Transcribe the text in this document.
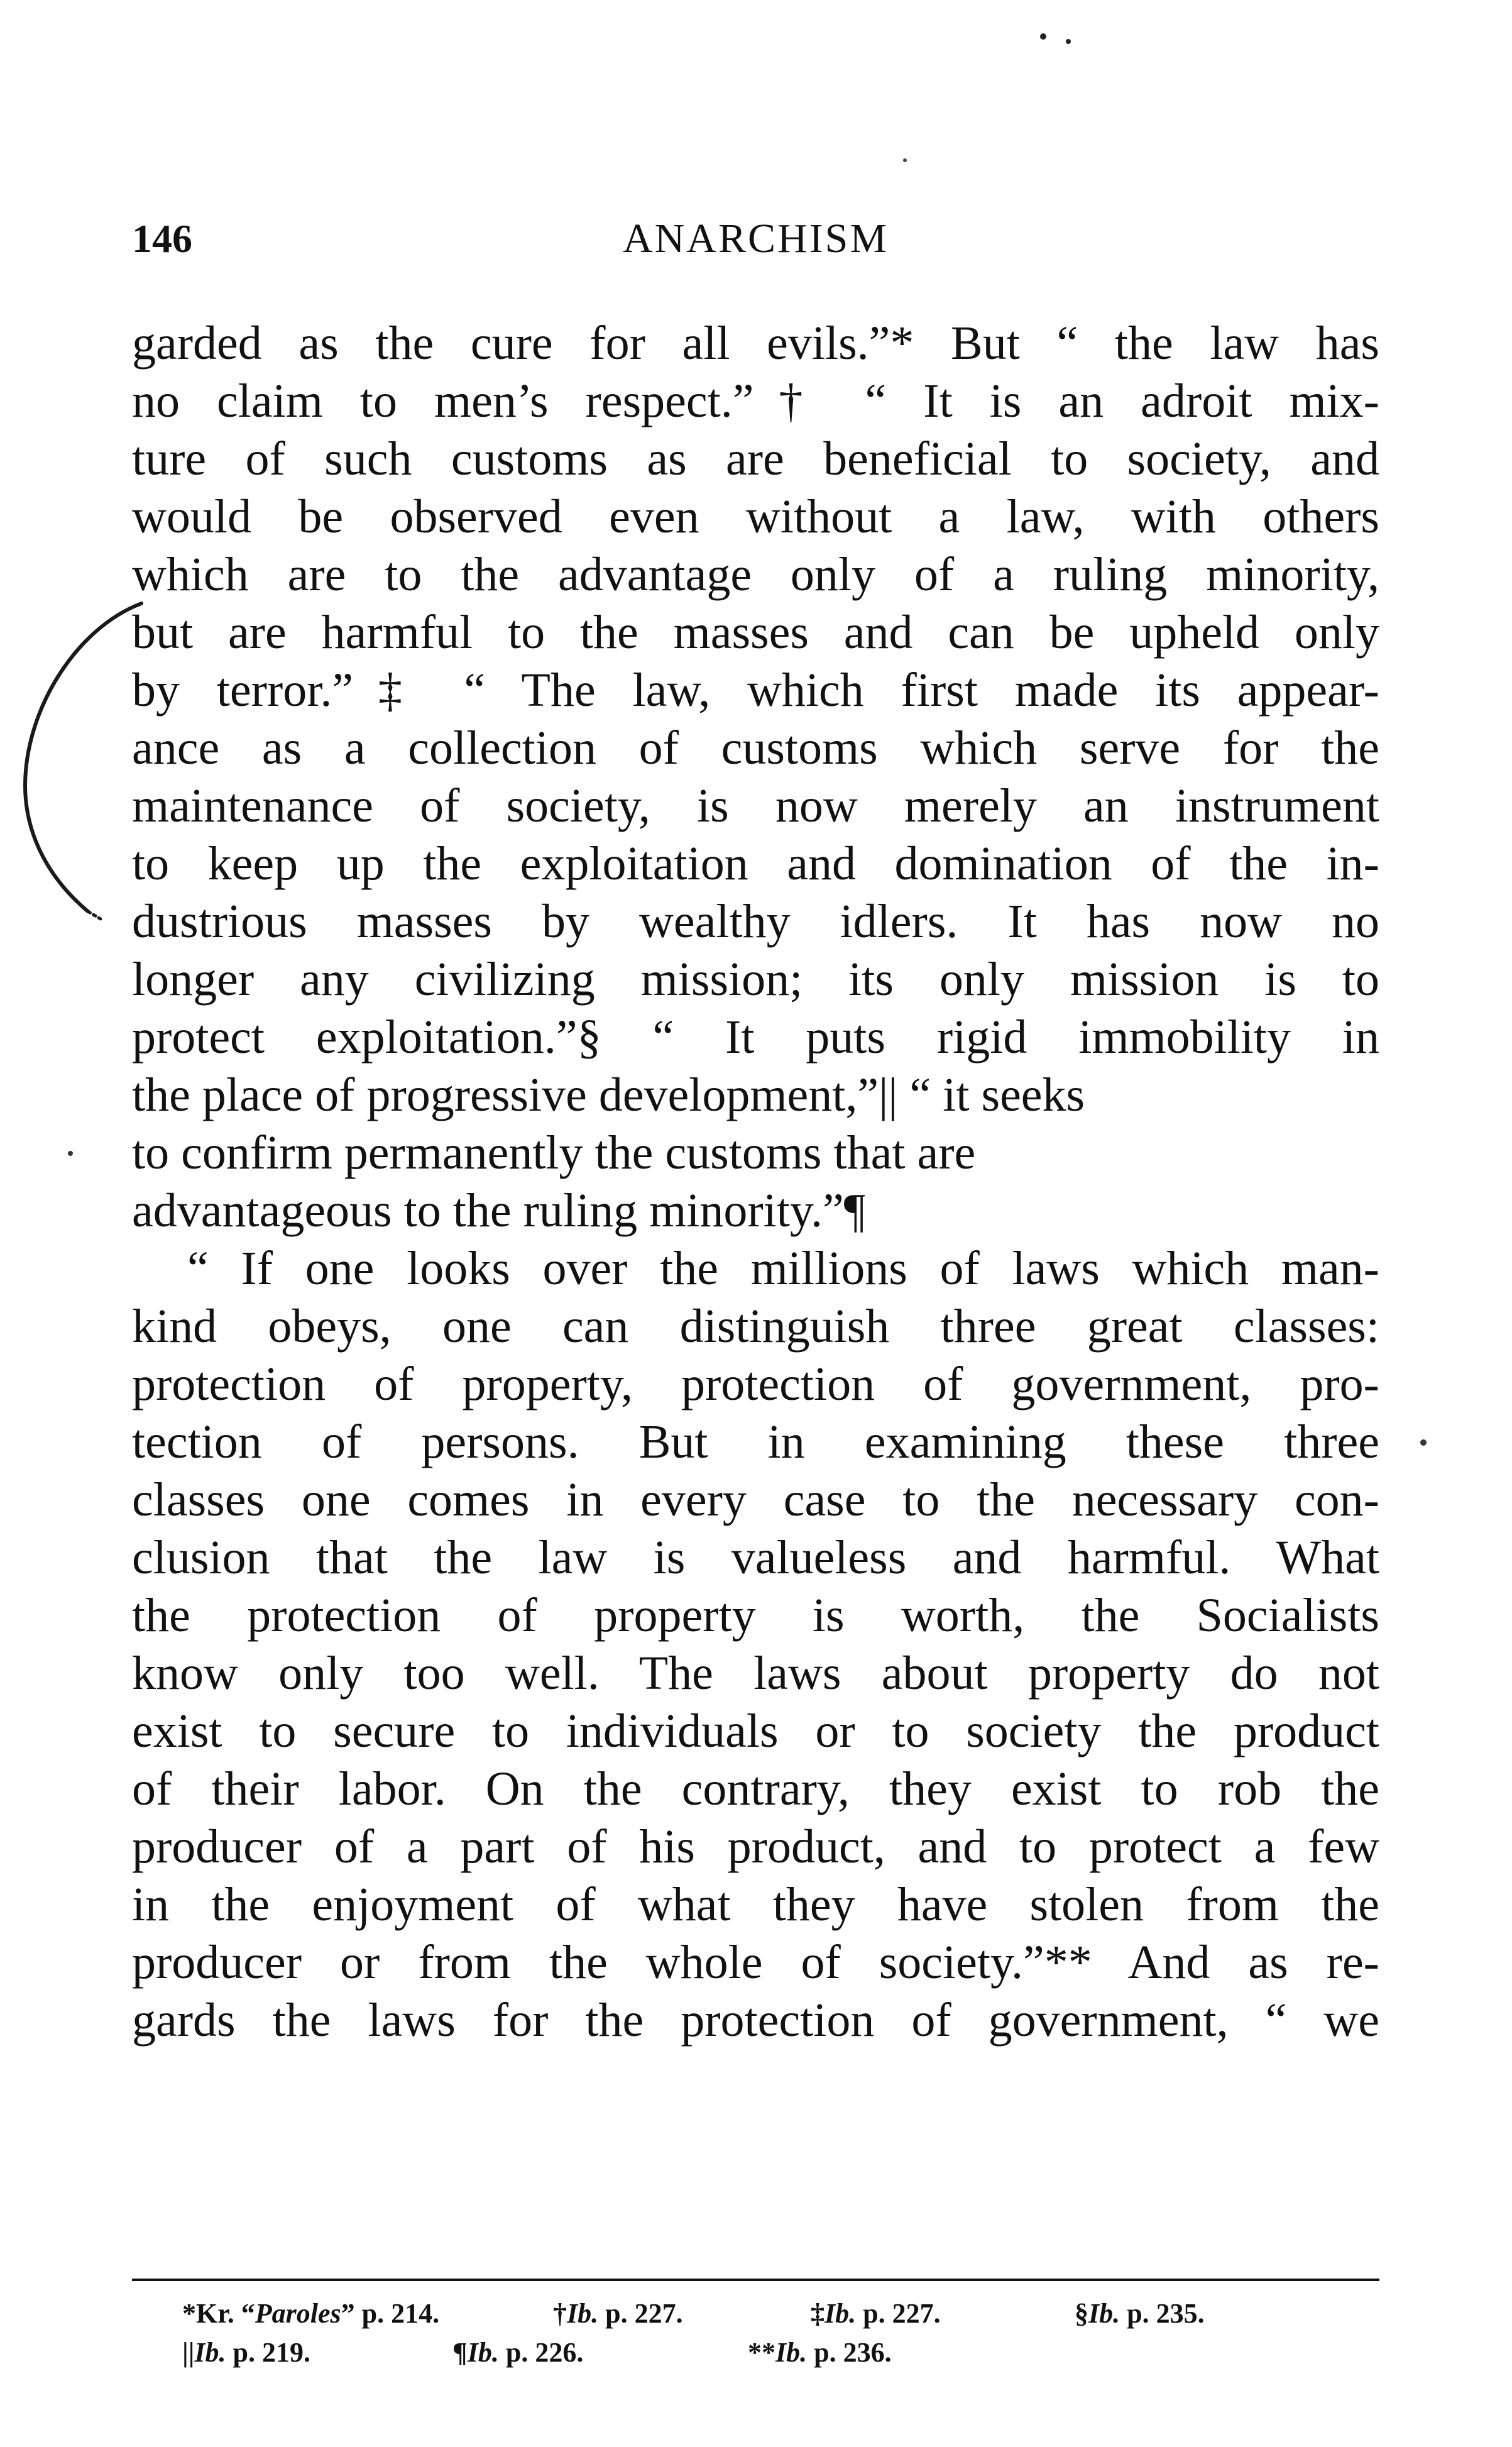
146	ANARCHISM
garded as the cure for all evils.”* But “ the law has
no claim to men’s respect.”† “ It is an adroit mix-
ture of such customs as are beneficial to society, and
would be observed even without a law, with others
which are to the advantage only of a ruling minority,
but are harmful to the masses and can be upheld only
by terror.”‡ “ The law, which first made its appear-
ance as a collection of customs which serve for the
maintenance of society, is now merely an instrument
to keep up the exploitation and domination of the in-
dustrious masses by wealthy idlers. It has now no
longer any civilizing mission; its only mission is to
protect exploitation.”§ “ It puts rigid immobility in
the place of progressive development,”|| “ it seeks
to confirm permanently the customs that are
advantageous to the ruling minority.”¶
“ If one looks over the millions of laws which man-
kind obeys, one can distinguish three great classes:
protection of property, protection of government, pro-
tection of persons. But in examining these three
classes one comes in every case to the necessary con-
clusion that the law is valueless and harmful. What
the protection of property is worth, the Socialists
know only too well. The laws about property do not
exist to secure to individuals or to society the product
of their labor. On the contrary, they exist to rob the
producer of a part of his product, and to protect a few
in the enjoyment of what they have stolen from the
producer or from the whole of society.”** And as re-
gards the laws for the protection of government, “ we
*Kr. “Paroles” p. 214.	†Ib. p. 227.	‡Ib. p. 227.	§Ib. p. 235.
||Ib. p. 219.	¶Ib. p. 226.	**Ib. p. 236.
